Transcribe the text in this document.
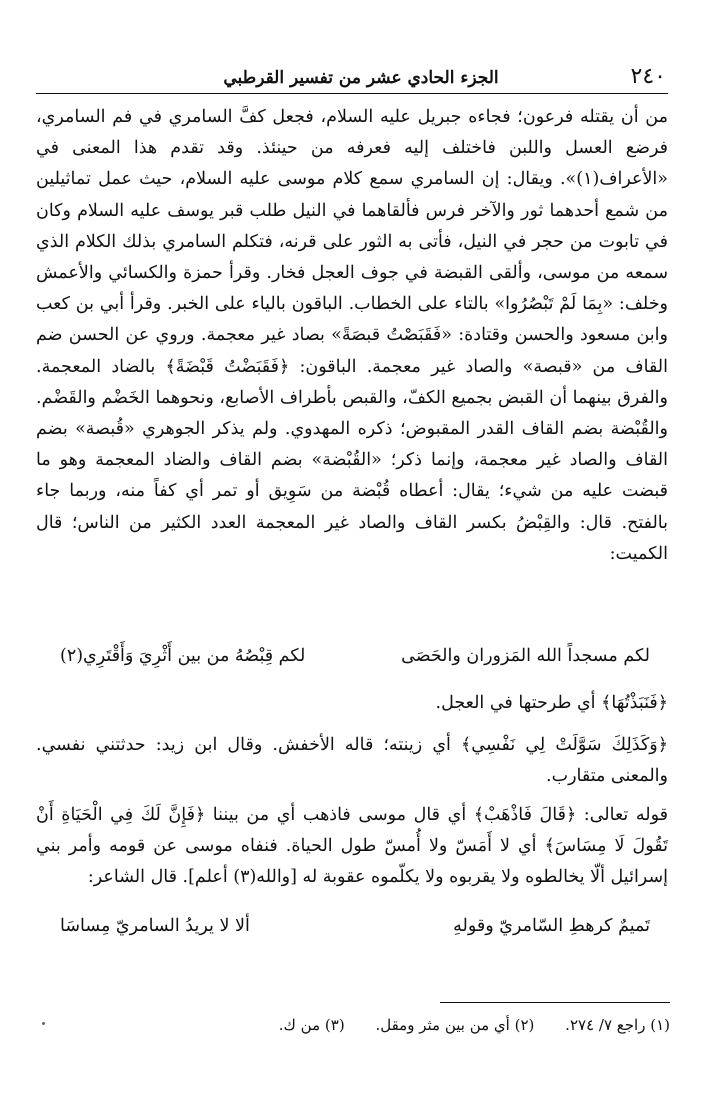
٢٤٠
الجزء الحادي عشر من تفسير القرطبي

من أن يقتله فرعون؛ فجاءه جبريل عليه السلام، فجعل كفَّ السامري في فم السامري، فرضع العسل واللبن فاختلف إليه فعرفه من حينئذ. وقد تقدم هذا المعنى في «الأعراف(١)». ويقال: إن السامري سمع كلام موسى عليه السلام، حيث عمل تماثيلين من شمع أحدهما ثور والآخر فرس فألقاهما في النيل طلب قبر يوسف عليه السلام وكان في تابوت من حجر في النيل، فأتى به الثور على قرنه، فتكلم السامري بذلك الكلام الذي سمعه من موسى، وألقى القبضة في جوف العجل فخار. وقرأ حمزة والكسائي والأعمش وخلف: «بِمَا لَمْ تَبْصُرُوا» بالتاء على الخطاب. الباقون بالياء على الخبر. وقرأ أبي بن كعب وابن مسعود والحسن وقتادة: «فَقَبَصْتُ قبصَةً» بصاد غير معجمة. وروي عن الحسن ضم القاف من «قبصة» والصاد غير معجمة. الباقون: ﴿فَقَبَضْتُ قَبْضَةً﴾ بالضاد المعجمة. والفرق بينهما أن القبض بجميع الكفّ، والقبص بأطراف الأصابع، ونحوهما الخَضْم والقَضْم. والقُبْضة بضم القاف القدر المقبوض؛ ذكره المهدوي. ولم يذكر الجوهري «قُبصة» بضم القاف والصاد غير معجمة، وإنما ذكر؛ «القُبْضة» بضم القاف والضاد المعجمة وهو ما قبضت عليه من شيء؛ يقال: أعطاه قُبْضة من سَوِيق أو تمر أي كفاً منه، وربما جاء بالفتح. قال: والقِبْضُ بكسر القاف والصاد غير المعجمة العدد الكثير من الناس؛ قال الكميت:

لكم مسجداً الله المَزوران والحَصَى
لكم قِبْصُهُ من بين أَثْرِيَ وَأَقْتَرِي(٢)

﴿فَنَبَذْتُهَا﴾ أي طرحتها في العجل.

﴿وَكَذَلِكَ سَوَّلَتْ لِي نَفْسِي﴾ أي زينته؛ قاله الأخفش. وقال ابن زيد: حدثتني نفسي. والمعنى متقارب.

قوله تعالى: ﴿قَالَ فَاذْهَبْ﴾ أي قال موسى فاذهب أي من بيننا ﴿فَإِنَّ لَكَ فِي الْحَيَاةِ أَنْ تَقُولَ لَا مِسَاسَ﴾ أي لا أَمَسّ ولا أُمسّ طول الحياة. فنفاه موسى عن قومه وأمر بني إسرائيل ألّا يخالطوه ولا يقربوه ولا يكلّموه عقوبة له [والله(٣) أعلم]. قال الشاعر:

تَميمٌ كرهطِ السّامريّ وقولهِ
ألا لا يريدُ السامريّ مِساسَا
(١) راجع ٧/ ٢٧٤. (٢) أي من بين مثر ومقل. (٣) من ك.
